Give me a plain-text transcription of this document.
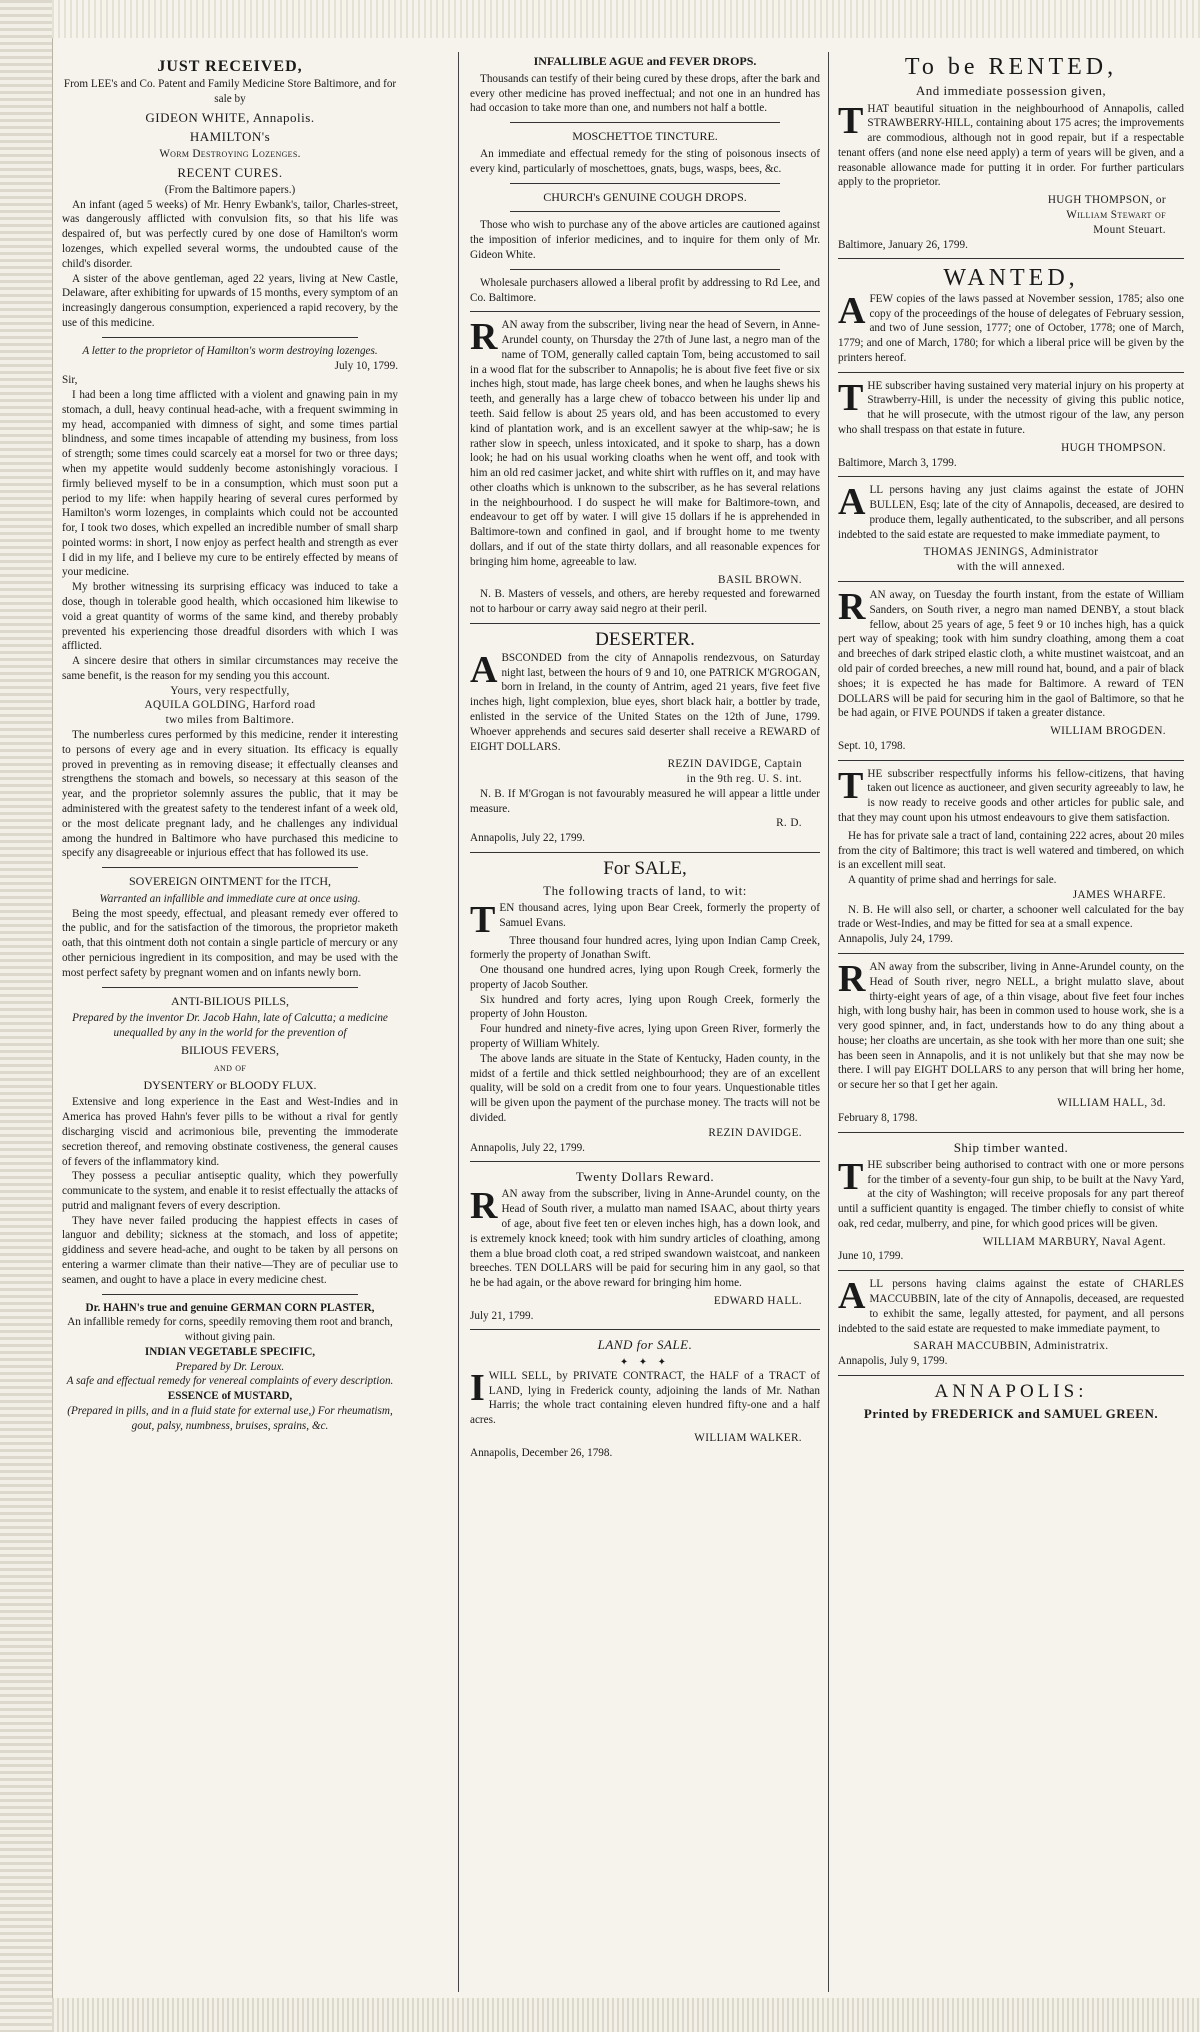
JUST RECEIVED,
From LEE's and Co. Patent and Family Medicine Store Baltimore, and for sale by
GIDEON WHITE, Annapolis.
HAMILTON's
Worm Destroying Lozenges.
RECENT CURES.
(From the Baltimore papers.)

An infant (aged 5 weeks) of Mr. Henry Ewbank's, tailor, Charles-street, was dangerously afflicted with convulsion fits, so that his life was despaired of, but was perfectly cured by one dose of Hamilton's worm lozenges, which expelled several worms, the undoubted cause of the child's disorder.

A sister of the above gentleman, aged 22 years, living at New Castle, Delaware, after exhibiting for upwards of 15 months, every symptom of an increasingly dangerous consumption, experienced a rapid recovery, by the use of this medicine.

A letter to the proprietor of Hamilton's worm destroying lozenges.
July 10, 1799.
Sir,

I had been a long time afflicted with a violent and gnawing pain in my stomach, a dull, heavy continual head-ache, with a frequent swimming in my head, accompanied with dimness of sight, and some times partial blindness, and some times incapable of attending my business, from loss of strength; some times could scarcely eat a morsel for two or three days; when my appetite would suddenly become astonishingly voracious. I firmly believed myself to be in a consumption, which must soon put a period to my life: when happily hearing of several cures performed by Hamilton's worm lozenges, in complaints which could not be accounted for, I took two doses, which expelled an incredible number of small sharp pointed worms: in short, I now enjoy as perfect health and strength as ever I did in my life, and I believe my cure to be entirely effected by means of your medicine.

My brother witnessing its surprising efficacy was induced to take a dose, though in tolerable good health, which occasioned him likewise to void a great quantity of worms of the same kind, and thereby probably prevented his experiencing those dreadful disorders with which I was afflicted.

A sincere desire that others in similar circumstances may receive the same benefit, is the reason for my sending you this account.

Yours, very respectfully,
AQUILA GOLDING, Harford road
two miles from Baltimore.

The numberless cures performed by this medicine, render it interesting to persons of every age and in every situation. Its efficacy is equally proved in preventing as in removing disease; it effectually cleanses and strengthens the stomach and bowels, so necessary at this season of the year, and the proprietor solemnly assures the public, that it may be administered with the greatest safety to the tenderest infant of a week old, or the most delicate pregnant lady, and he challenges any individual among the hundred in Baltimore who have purchased this medicine to specify any disagreeable or injurious effect that has followed its use.

SOVEREIGN OINTMENT for the ITCH,
Warranted an infallible and immediate cure at once using.

Being the most speedy, effectual, and pleasant remedy ever offered to the public, and for the satisfaction of the timorous, the proprietor maketh oath, that this ointment doth not contain a single particle of mercury or any other pernicious ingredient in its composition, and may be used with the most perfect safety by pregnant women and on infants newly born.

ANTI-BILIOUS PILLS,
Prepared by the inventor Dr. Jacob Hahn, late of Calcutta; a medicine unequalled by any in the world for the prevention of
BILIOUS FEVERS,
and of
DYSENTERY or BLOODY FLUX.

Extensive and long experience in the East and West-Indies and in America has proved Hahn's fever pills to be without a rival for gently discharging viscid and acrimonious bile, preventing the immoderate secretion thereof, and removing obstinate costiveness, the general causes of fevers of the inflammatory kind.

They possess a peculiar antiseptic quality, which they powerfully communicate to the system, and enable it to resist effectually the attacks of putrid and malignant fevers of every description.

They have never failed producing the happiest effects in cases of languor and debility; sickness at the stomach, and loss of appetite; giddiness and severe head-ache, and ought to be taken by all persons on entering a warmer climate than their native—They are of peculiar use to seamen, and ought to have a place in every medicine chest.

Dr. HAHN's true and genuine GERMAN CORN PLASTER,
An infallible remedy for corns, speedily removing them root and branch, without giving pain.
INDIAN VEGETABLE SPECIFIC,
Prepared by Dr. Leroux.
A safe and effectual remedy for venereal complaints of every description.
ESSENCE of MUSTARD,
(Prepared in pills, and in a fluid state for external use,) For rheumatism, gout, palsy, numbness, bruises, sprains, &c.
INFALLIBLE AGUE and FEVER DROPS.

Thousands can testify of their being cured by these drops, after the bark and every other medicine has proved ineffectual; and not one in an hundred has had occasion to take more than one, and numbers not half a bottle.

MOSCHETTOE TINCTURE.

An immediate and effectual remedy for the sting of poisonous insects of every kind, particularly of moschettoes, gnats, bugs, wasps, bees, &c.

CHURCH's GENUINE COUGH DROPS.

Those who wish to purchase any of the above articles are cautioned against the imposition of inferior medicines, and to inquire for them only of Mr. Gideon White.

Wholesale purchasers allowed a liberal profit by addressing to Rd Lee, and Co. Baltimore.

R AN away from the subscriber, living near the head of Severn, in Anne-Arundel county, on Thursday the 27th of June last, a negro man of the name of TOM, generally called captain Tom, being accustomed to sail in a wood flat for the subscriber to Annapolis; he is about five feet five or six inches high, stout made, has large cheek bones, and when he laughs shews his teeth, and generally has a large chew of tobacco between his under lip and teeth. Said fellow is about 25 years old, and has been accustomed to every kind of plantation work, and is an excellent sawyer at the whip-saw; he is rather slow in speech, unless intoxicated, and it spoke to sharp, has a down look; he had on his usual working cloaths when he went off, and took with him an old red casimer jacket, and white shirt with ruffles on it, and may have other cloaths which is unknown to the subscriber, as he has several relations in the neighbourhood. I do suspect he will make for Baltimore-town, and endeavour to get off by water. I will give 15 dollars if he is apprehended in Baltimore-town and confined in gaol, and if brought home to me twenty dollars, and if out of the state thirty dollars, and all reasonable expences for bringing him home, agreeable to law.

BASIL BROWN.

N. B. Masters of vessels, and others, are hereby requested and forewarned not to harbour or carry away said negro at their peril.

DESERTER.
A BSCONDED from the city of Annapolis rendezvous, on Saturday night last, between the hours of 9 and 10, one PATRICK M'GROGAN, born in Ireland, in the county of Antrim, aged 21 years, five feet five inches high, light complexion, blue eyes, short black hair, a bottler by trade, enlisted in the service of the United States on the 12th of June, 1799. Whoever apprehends and secures said deserter shall receive a REWARD of EIGHT DOLLARS.

REZIN DAVIDGE, Captain
in the 9th reg. U. S. int.

N. B. If M'Grogan is not favourably measured he will appear a little under measure.

R. D.
Annapolis, July 22, 1799.
For SALE,
The following tracts of land, to wit:
T EN thousand acres, lying upon Bear Creek, formerly the property of Samuel Evans.

Three thousand four hundred acres, lying upon Indian Camp Creek, formerly the property of Jonathan Swift.

One thousand one hundred acres, lying upon Rough Creek, formerly the property of Jacob Souther.

Six hundred and forty acres, lying upon Rough Creek, formerly the property of John Houston.

Four hundred and ninety-five acres, lying upon Green River, formerly the property of William Whitely.

The above lands are situate in the State of Kentucky, Haden county, in the midst of a fertile and thick settled neighbourhood; they are of an excellent quality, will be sold on a credit from one to four years. Unquestionable titles will be given upon the payment of the purchase money. The tracts will not be divided.

REZIN DAVIDGE.
Annapolis, July 22, 1799.
Twenty Dollars Reward.
R AN away from the subscriber, living in Anne-Arundel county, on the Head of South river, a mulatto man named ISAAC, about thirty years of age, about five feet ten or eleven inches high, has a down look, and is extremely knock kneed; took with him sundry articles of cloathing, among them a blue broad cloth coat, a red striped swandown waistcoat, and nankeen breeches. TEN DOLLARS will be paid for securing him in any gaol, so that he be had again, or the above reward for bringing him home.

EDWARD HALL.
July 21, 1799.
LAND for SALE.
✦ ✦ ✦
I WILL SELL, by PRIVATE CONTRACT, the HALF of a TRACT of LAND, lying in Frederick county, adjoining the lands of Mr. Nathan Harris; the whole tract containing eleven hundred fifty-one and a half acres.

WILLIAM WALKER.
Annapolis, December 26, 1798.
To be RENTED,
And immediate possession given,
T HAT beautiful situation in the neighbourhood of Annapolis, called STRAWBERRY-HILL, containing about 175 acres; the improvements are commodious, although not in good repair, but if a respectable tenant offers (and none else need apply) a term of years will be given, and a reasonable allowance made for putting it in order. For further particulars apply to the proprietor.

HUGH THOMPSON, or
William Stewart of
Mount Steuart.
Baltimore, January 26, 1799.
WANTED,
A FEW copies of the laws passed at November session, 1785; also one copy of the proceedings of the house of delegates of February session, and two of June session, 1777; one of October, 1778; one of March, 1779; and one of March, 1780; for which a liberal price will be given by the printers hereof.

T HE subscriber having sustained very material injury on his property at Strawberry-Hill, is under the necessity of giving this public notice, that he will prosecute, with the utmost rigour of the law, any person who shall trespass on that estate in future.

HUGH THOMPSON.
Baltimore, March 3, 1799.
A LL persons having any just claims against the estate of JOHN BULLEN, Esq; late of the city of Annapolis, deceased, are desired to produce them, legally authenticated, to the subscriber, and all persons indebted to the said estate are requested to make immediate payment, to

THOMAS JENINGS, Administrator
with the will annexed.
R AN away, on Tuesday the fourth instant, from the estate of William Sanders, on South river, a negro man named DENBY, a stout black fellow, about 25 years of age, 5 feet 9 or 10 inches high, has a quick pert way of speaking; took with him sundry cloathing, among them a coat and breeches of dark striped elastic cloth, a white mustinet waistcoat, and an old pair of corded breeches, a new mill round hat, bound, and a pair of black shoes; it is expected he has made for Baltimore. A reward of TEN DOLLARS will be paid for securing him in the gaol of Baltimore, so that he be had again, or FIVE POUNDS if taken a greater distance.

WILLIAM BROGDEN.
Sept. 10, 1798.
T HE subscriber respectfully informs his fellow-citizens, that having taken out licence as auctioneer, and given security agreeably to law, he is now ready to receive goods and other articles for public sale, and that they may count upon his utmost endeavours to give them satisfaction.

He has for private sale a tract of land, containing 222 acres, about 20 miles from the city of Baltimore; this tract is well watered and timbered, on which is an excellent mill seat.

A quantity of prime shad and herrings for sale.

JAMES WHARFE.

N. B. He will also sell, or charter, a schooner well calculated for the bay trade or West-Indies, and may be fitted for sea at a small expence.

Annapolis, July 24, 1799.
R AN away from the subscriber, living in Anne-Arundel county, on the Head of South river, negro NELL, a bright mulatto slave, about thirty-eight years of age, of a thin visage, about five feet four inches high, with long bushy hair, has been in common used to house work, she is a very good spinner, and, in fact, understands how to do any thing about a house; her cloaths are uncertain, as she took with her more than one suit; she has been seen in Annapolis, and it is not unlikely but that she may now be there. I will pay EIGHT DOLLARS to any person that will bring her home, or secure her so that I get her again.

WILLIAM HALL, 3d.
February 8, 1798.
Ship timber wanted.
T HE subscriber being authorised to contract with one or more persons for the timber of a seventy-four gun ship, to be built at the Navy Yard, at the city of Washington; will receive proposals for any part thereof until a sufficient quantity is engaged. The timber chiefly to consist of white oak, red cedar, mulberry, and pine, for which good prices will be given.

WILLIAM MARBURY, Naval Agent.
June 10, 1799.
A LL persons having claims against the estate of CHARLES MACCUBBIN, late of the city of Annapolis, deceased, are requested to exhibit the same, legally attested, for payment, and all persons indebted to the said estate are requested to make immediate payment, to

SARAH MACCUBBIN, Administratrix.
Annapolis, July 9, 1799.
ANNAPOLIS:
Printed by FREDERICK and SAMUEL GREEN.
